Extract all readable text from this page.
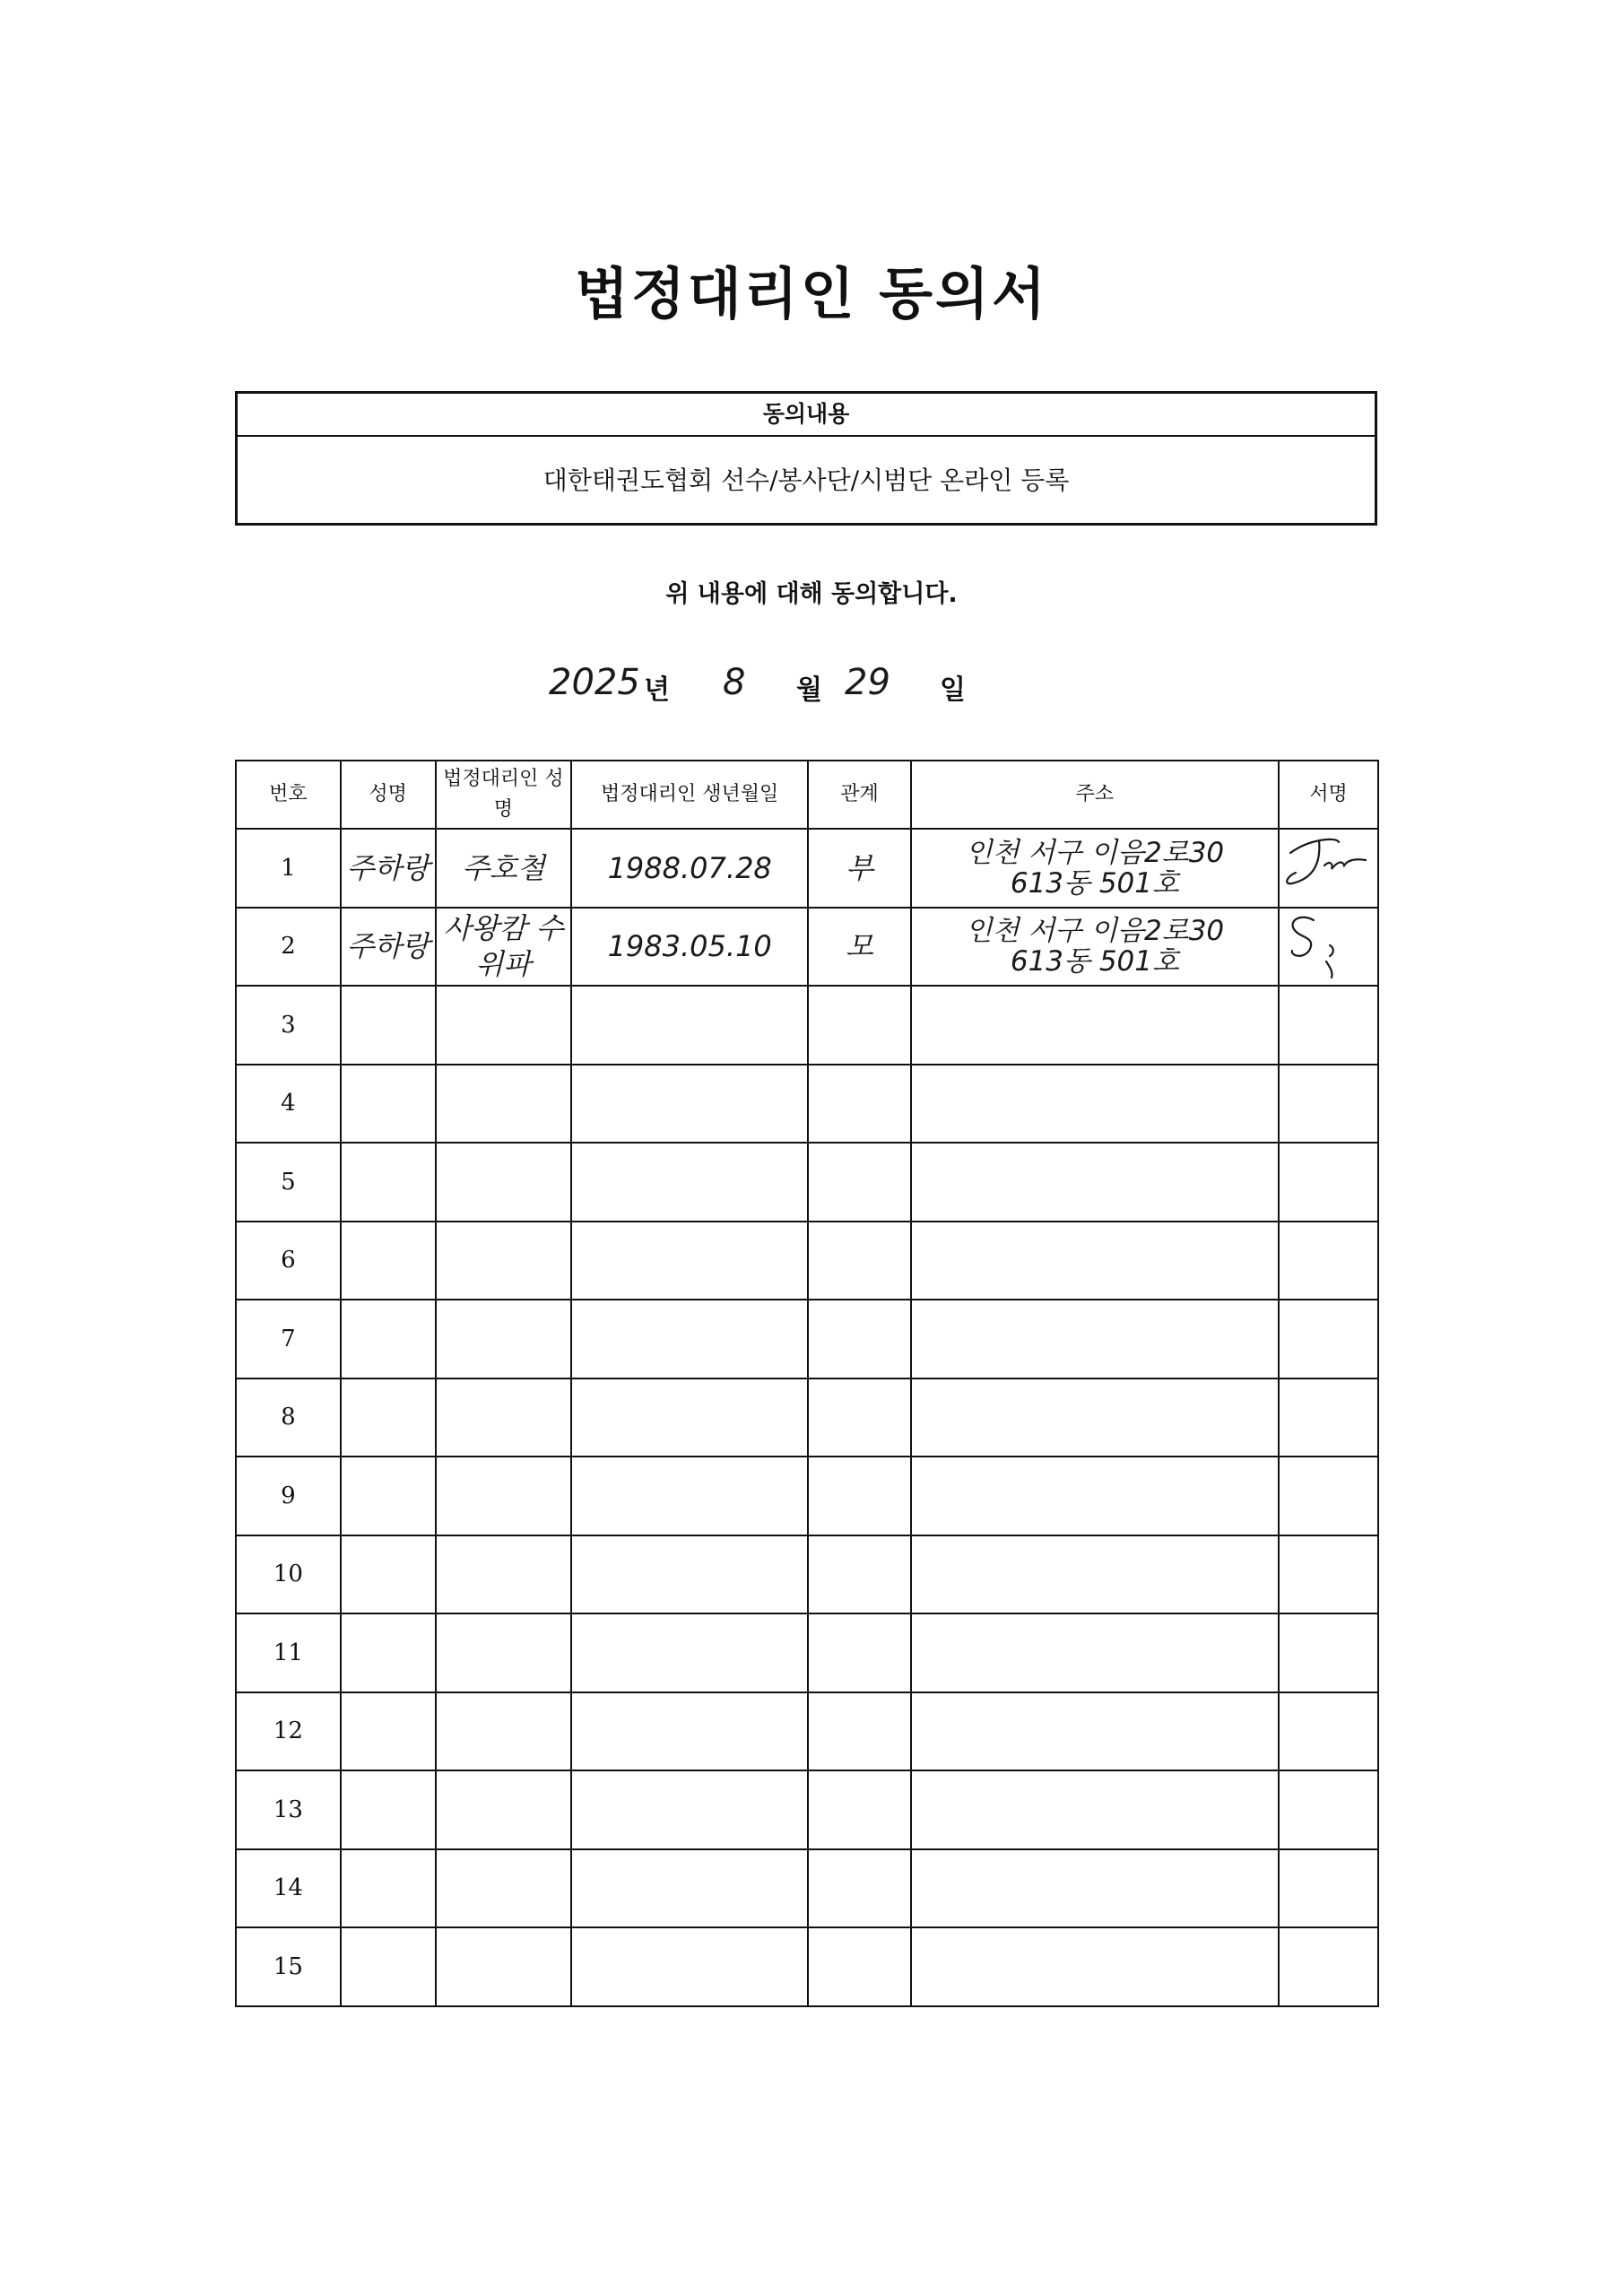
법정대리인 동의서
동의내용
대한태권도협회 선수/봉사단/시범단 온라인 등록
위 내용에 대해 동의합니다.
2025 년 8 월 29 일
번호	성명	법정대리인 성명	법정대리인 생년월일	관계	주소	서명
1	주하랑	주호철	1988.07.28	부	인천 서구 이음2로30
613동 501호

2	주하랑	사왕캄 수위파	1983.05.10	모	인천 서구 이음2로30
613동 501호

3						
4						
5						
6						
7						
8						
9						
10						
11						
12						
13						
14						
15						
